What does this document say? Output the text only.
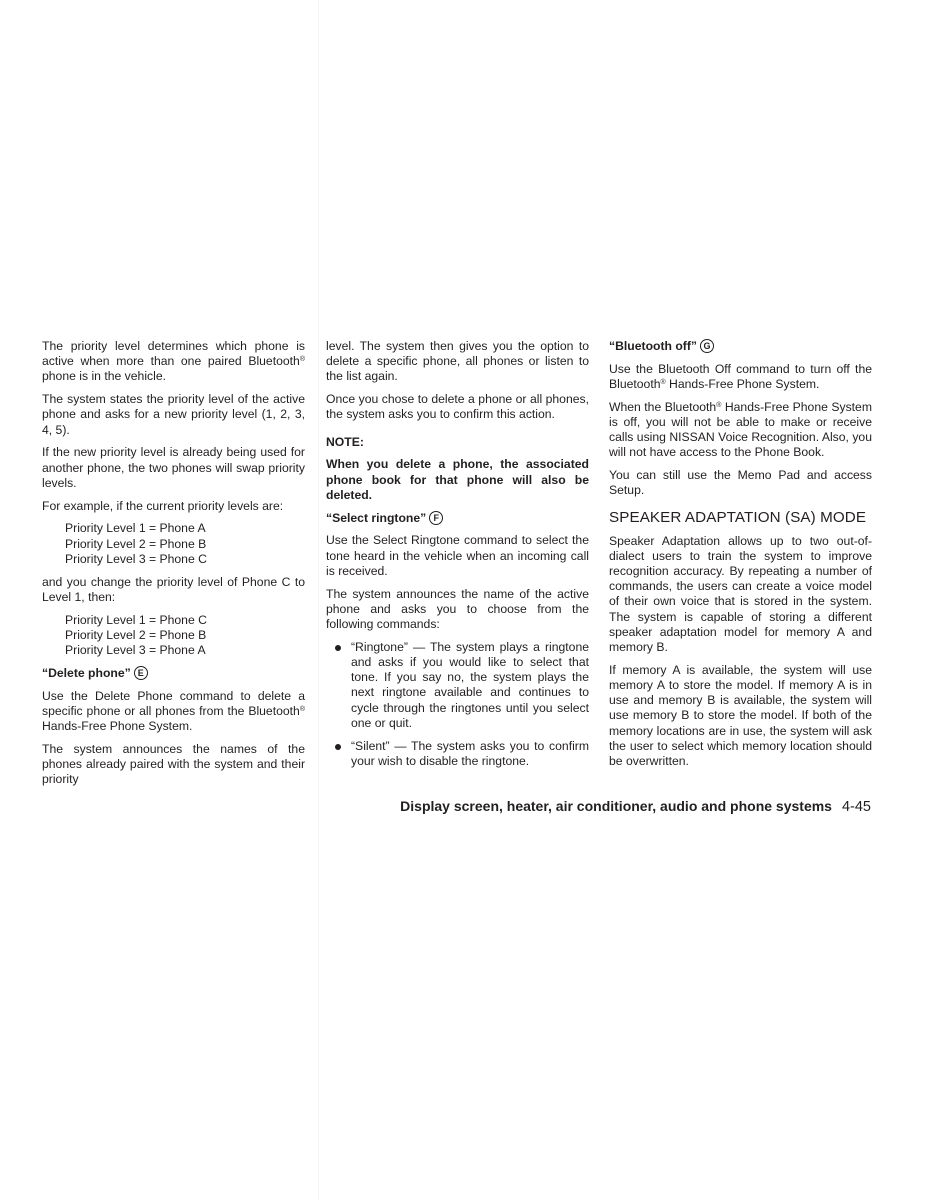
The priority level determines which phone is active when more than one paired Bluetooth® phone is in the vehicle.

The system states the priority level of the active phone and asks for a new priority level (1, 2, 3, 4, 5).

If the new priority level is already being used for another phone, the two phones will swap priority levels.

For example, if the current priority levels are:

Priority Level 1 = Phone A
Priority Level 2 = Phone B
Priority Level 3 = Phone C

and you change the priority level of Phone C to Level 1, then:

Priority Level 1 = Phone C
Priority Level 2 = Phone B
Priority Level 3 = Phone A
“Delete phone” E

Use the Delete Phone command to delete a specific phone or all phones from the Bluetooth® Hands-Free Phone System.

The system announces the names of the phones already paired with the system and their priority

level. The system then gives you the option to delete a specific phone, all phones or listen to the list again.

Once you chose to delete a phone or all phones, the system asks you to confirm this action.

NOTE:

When you delete a phone, the associated phone book for that phone will also be deleted.

“Select ringtone” F

Use the Select Ringtone command to select the tone heard in the vehicle when an incoming call is received.

The system announces the name of the active phone and asks you to choose from the following commands:

“Ringtone” — The system plays a ringtone and asks if you would like to select that tone. If you say no, the system plays the next ringtone available and continues to cycle through the ringtones until you select one or quit.
“Silent” — The system asks you to confirm your wish to disable the ringtone.
“Bluetooth off” G

Use the Bluetooth Off command to turn off the Bluetooth® Hands-Free Phone System.

When the Bluetooth® Hands-Free Phone System is off, you will not be able to make or receive calls using NISSAN Voice Recognition. Also, you will not have access to the Phone Book.

You can still use the Memo Pad and access Setup.

SPEAKER ADAPTATION (SA) MODE

Speaker Adaptation allows up to two out-of-dialect users to train the system to improve recognition accuracy. By repeating a number of commands, the users can create a voice model of their own voice that is stored in the system. The system is capable of storing a different speaker adaptation model for memory A and memory B.

If memory A is available, the system will use memory A to store the model. If memory A is in use and memory B is available, the system will use memory B to store the model. If both of the memory locations are in use, the system will ask the user to select which memory location should be overwritten.

Display screen, heater, air conditioner, audio and phone systems 4-45
